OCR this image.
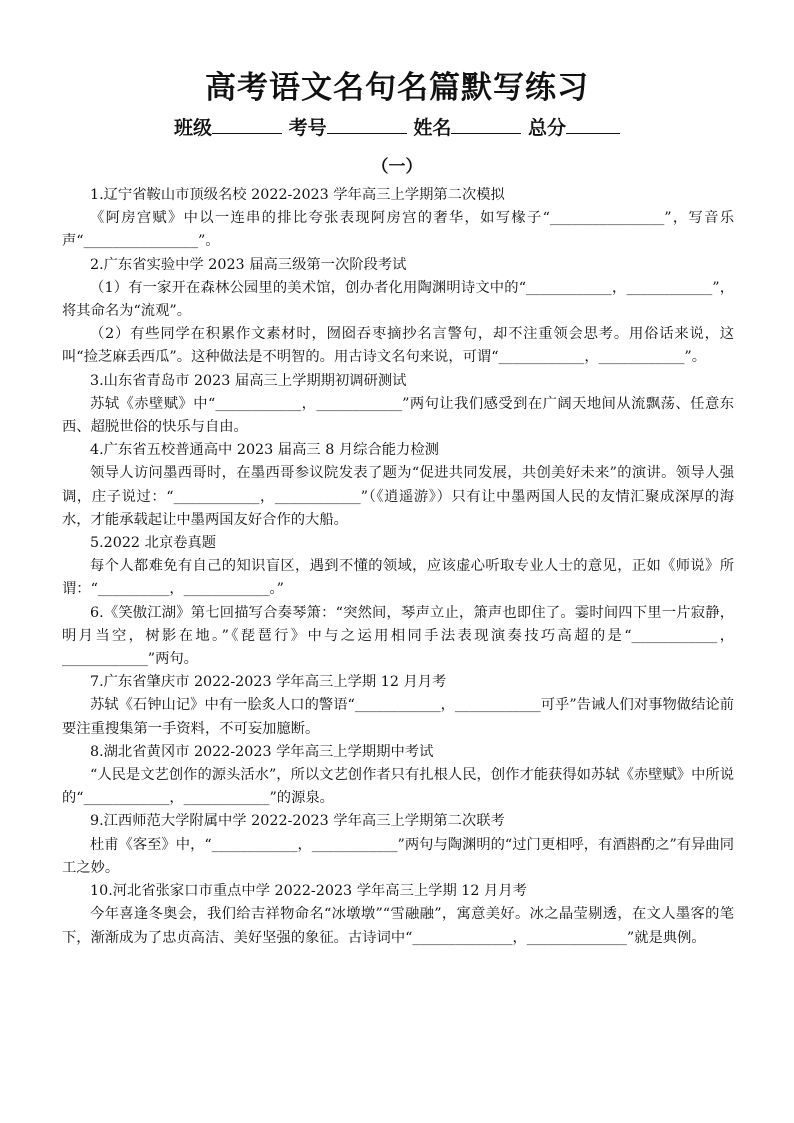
高考语文名句名篇默写练习
班级	考号	姓名	总分
（一）

1.辽宁省鞍山市顶级名校 2022-2023 学年高三上学期第二次模拟

《阿房宫赋》中以一连串的排比夸张表现阿房宫的奢华，如写椽子“________________”，写音乐声“________________”。

2.广东省实验中学 2023 届高三级第一次阶段考试

（1）有一家开在森林公园里的美术馆，创办者化用陶渊明诗文中的“____________，____________”，将其命名为“流观”。

（2）有些同学在积累作文素材时，囫囵吞枣摘抄名言警句，却不注重领会思考。用俗话来说，这叫“捡芝麻丢西瓜”。这种做法是不明智的。用古诗文名句来说，可谓“____________，____________”。

3.山东省青岛市 2023 届高三上学期期初调研测试

苏轼《赤壁赋》中“____________，____________”两句让我们感受到在广阔天地间从流飘荡、任意东西、超脱世俗的快乐与自由。

4.广东省五校普通高中 2023 届高三 8 月综合能力检测

领导人访问墨西哥时，在墨西哥参议院发表了题为“促进共同发展，共创美好未来”的演讲。领导人强调，庄子说过：“____________，____________”（《逍遥游》）只有让中墨两国人民的友情汇聚成深厚的海水，才能承载起让中墨两国友好合作的大船。

5.2022 北京卷真题

每个人都难免有自己的知识盲区，遇到不懂的领域，应该虚心听取专业人士的意见，正如《师说》所谓：“__________，____________。”

6.《笑傲江湖》第七回描写合奏琴箫：“突然间，琴声立止，箫声也即住了。霎时间四下里一片寂静，明月当空，树影在地。”《琵琶行》中与之运用相同手法表现演奏技巧高超的是“____________，____________”两句。

7.广东省肇庆市 2022-2023 学年高三上学期 12 月月考

苏轼《石钟山记》中有一脍炙人口的警语“____________，____________可乎”告诫人们对事物做结论前要注重搜集第一手资料，不可妄加臆断。

8.湖北省黄冈市 2022-2023 学年高三上学期期中考试

“人民是文艺创作的源头活水”，所以文艺创作者只有扎根人民，创作才能获得如苏轼《赤壁赋》中所说的“____________，____________”的源泉。

9.江西师范大学附属中学 2022-2023 学年高三上学期第二次联考

杜甫《客至》中，“____________，____________”两句与陶渊明的“过门更相呼，有酒斟酌之”有异曲同工之妙。

10.河北省张家口市重点中学 2022-2023 学年高三上学期 12 月月考

今年喜逢冬奥会，我们给吉祥物命名“冰墩墩”“雪融融”，寓意美好。冰之晶莹剔透，在文人墨客的笔下，渐渐成为了忠贞高洁、美好坚强的象征。古诗词中“______________，______________”就是典例。
